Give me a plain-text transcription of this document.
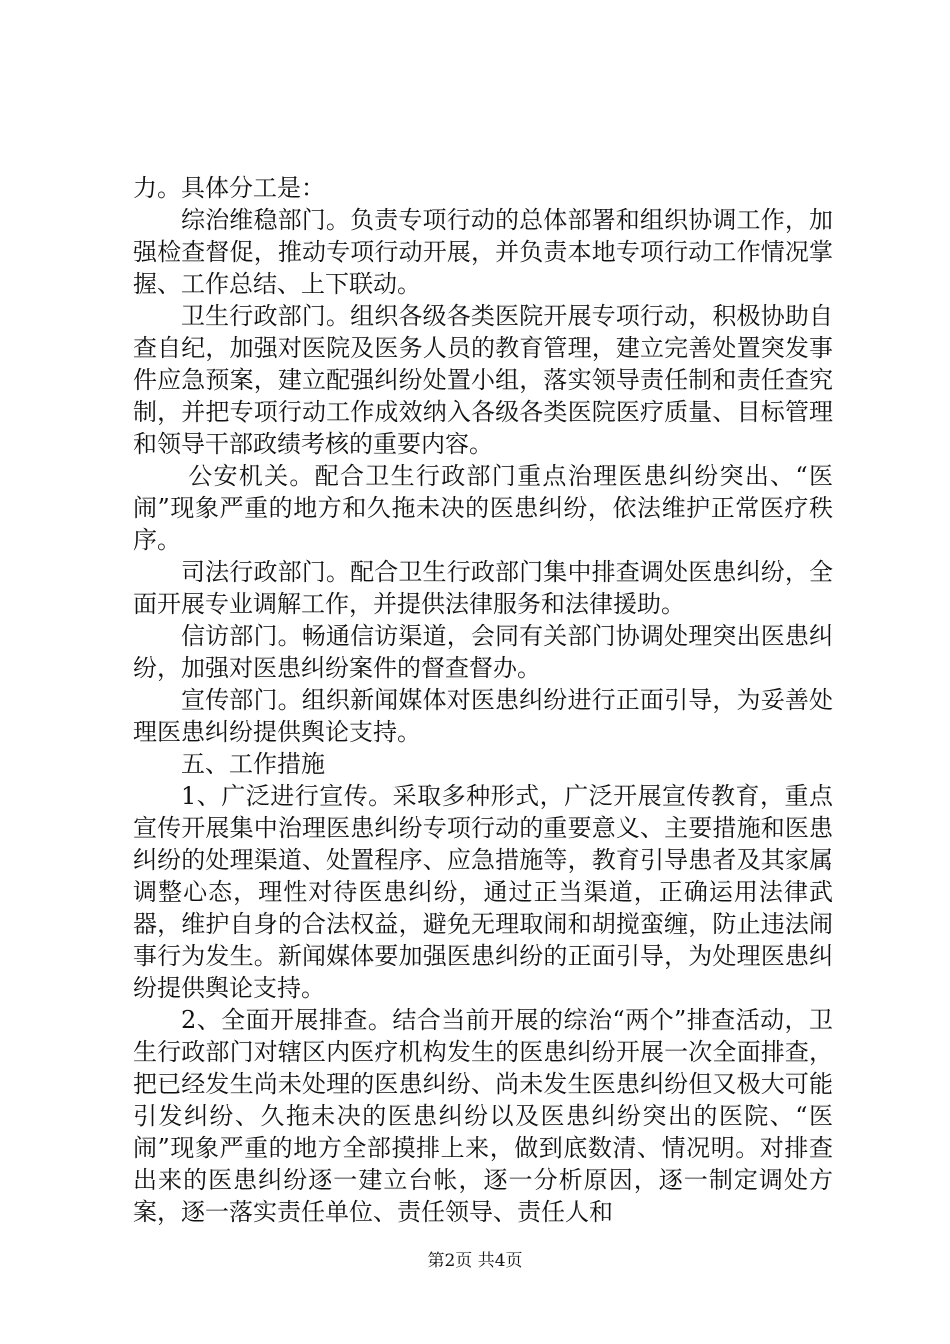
力。具体分工是：

综治维稳部门。负责专项行动的总体部署和组织协调工作，加强检查督促，推动专项行动开展，并负责本地专项行动工作情况掌握、工作总结、上下联动。

卫生行政部门。组织各级各类医院开展专项行动，积极协助自查自纪，加强对医院及医务人员的教育管理，建立完善处置突发事件应急预案，建立配强纠纷处置小组，落实领导责任制和责任查究制，并把专项行动工作成效纳入各级各类医院医疗质量、目标管理和领导干部政绩考核的重要内容。

公安机关。配合卫生行政部门重点治理医患纠纷突出、“医闹”现象严重的地方和久拖未决的医患纠纷，依法维护正常医疗秩序。

司法行政部门。配合卫生行政部门集中排查调处医患纠纷，全面开展专业调解工作，并提供法律服务和法律援助。

信访部门。畅通信访渠道，会同有关部门协调处理突出医患纠纷，加强对医患纠纷案件的督查督办。

宣传部门。组织新闻媒体对医患纠纷进行正面引导，为妥善处理医患纠纷提供舆论支持。

五、工作措施

1、广泛进行宣传。采取多种形式，广泛开展宣传教育，重点宣传开展集中治理医患纠纷专项行动的重要意义、主要措施和医患纠纷的处理渠道、处置程序、应急措施等，教育引导患者及其家属调整心态，理性对待医患纠纷，通过正当渠道，正确运用法律武器，维护自身的合法权益，避免无理取闹和胡搅蛮缠，防止违法闹事行为发生。新闻媒体要加强医患纠纷的正面引导，为处理医患纠纷提供舆论支持。

2、全面开展排查。结合当前开展的综治“两个”排查活动，卫生行政部门对辖区内医疗机构发生的医患纠纷开展一次全面排查，把已经发生尚未处理的医患纠纷、尚未发生医患纠纷但又极大可能引发纠纷、久拖未决的医患纠纷以及医患纠纷突出的医院、“医闹”现象严重的地方全部摸排上来，做到底数清、情况明。对排查出来的医患纠纷逐一建立台帐，逐一分析原因，逐一制定调处方案，逐一落实责任单位、责任领导、责任人和

第2页 共4页
